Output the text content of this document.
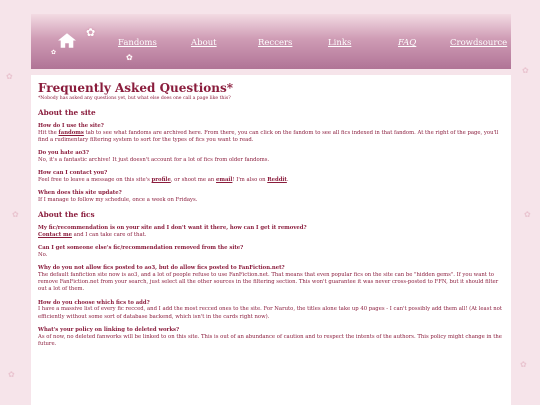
✿
✿
✿	✿
✿
✿
✿
✿
✿
Fandoms	About	Reccers	Links	FAQ	Crowdsource
Frequently Asked Questions*
*Nobody has asked any questions yet, but what else does one call a page like this?
About the site

How do I use the site?

Hit the fandoms tab to see what fandoms are archived here. From there, you can click on the fandom to see all fics indexed in that fandom. At the right of the page, you'll find a rudimentary filtering system to sort for the types of fics you want to read.

Do you hate ao3?

No, it's a fantastic archive! It just doesn't account for a lot of fics from older fandoms.

How can I contact you?

Feel free to leave a message on this site's profile, or shoot me an email! I'm also on Reddit.

When does this site update?

If I manage to follow my schedule, once a week on Fridays.

About the fics

My fic/recommendation is on your site and I don't want it there, how can I get it removed?

Contact me and I can take care of that.

Can I get someone else's fic/recommendation removed from the site?

No.

Why do you not allow fics posted to ao3, but do allow fics posted to FanFiction.net?

The default fanfiction site now is ao3, and a lot of people refuse to use FanFiction.net. That means that even popular fics on the site can be "hidden gems". If you want to remove FanFiction.net from your search, just select all the other sources in the filtering section. This won't guarantee it was never cross-posted to FFN, but it should filter out a lot of them.

How do you choose which fics to add?

I have a massive list of every fic recced, and I add the most recced ones to the site. For Naruto, the titles alone take up 40 pages - I can't possibly add them all! (At least not efficiently without some sort of database backend, which isn't in the cards right now).

What's your policy on linking to deleted works?

As of now, no deleted fanworks will be linked to on this site. This is out of an abundance of caution and to respect the intents of the authors. This policy might change in the future.
